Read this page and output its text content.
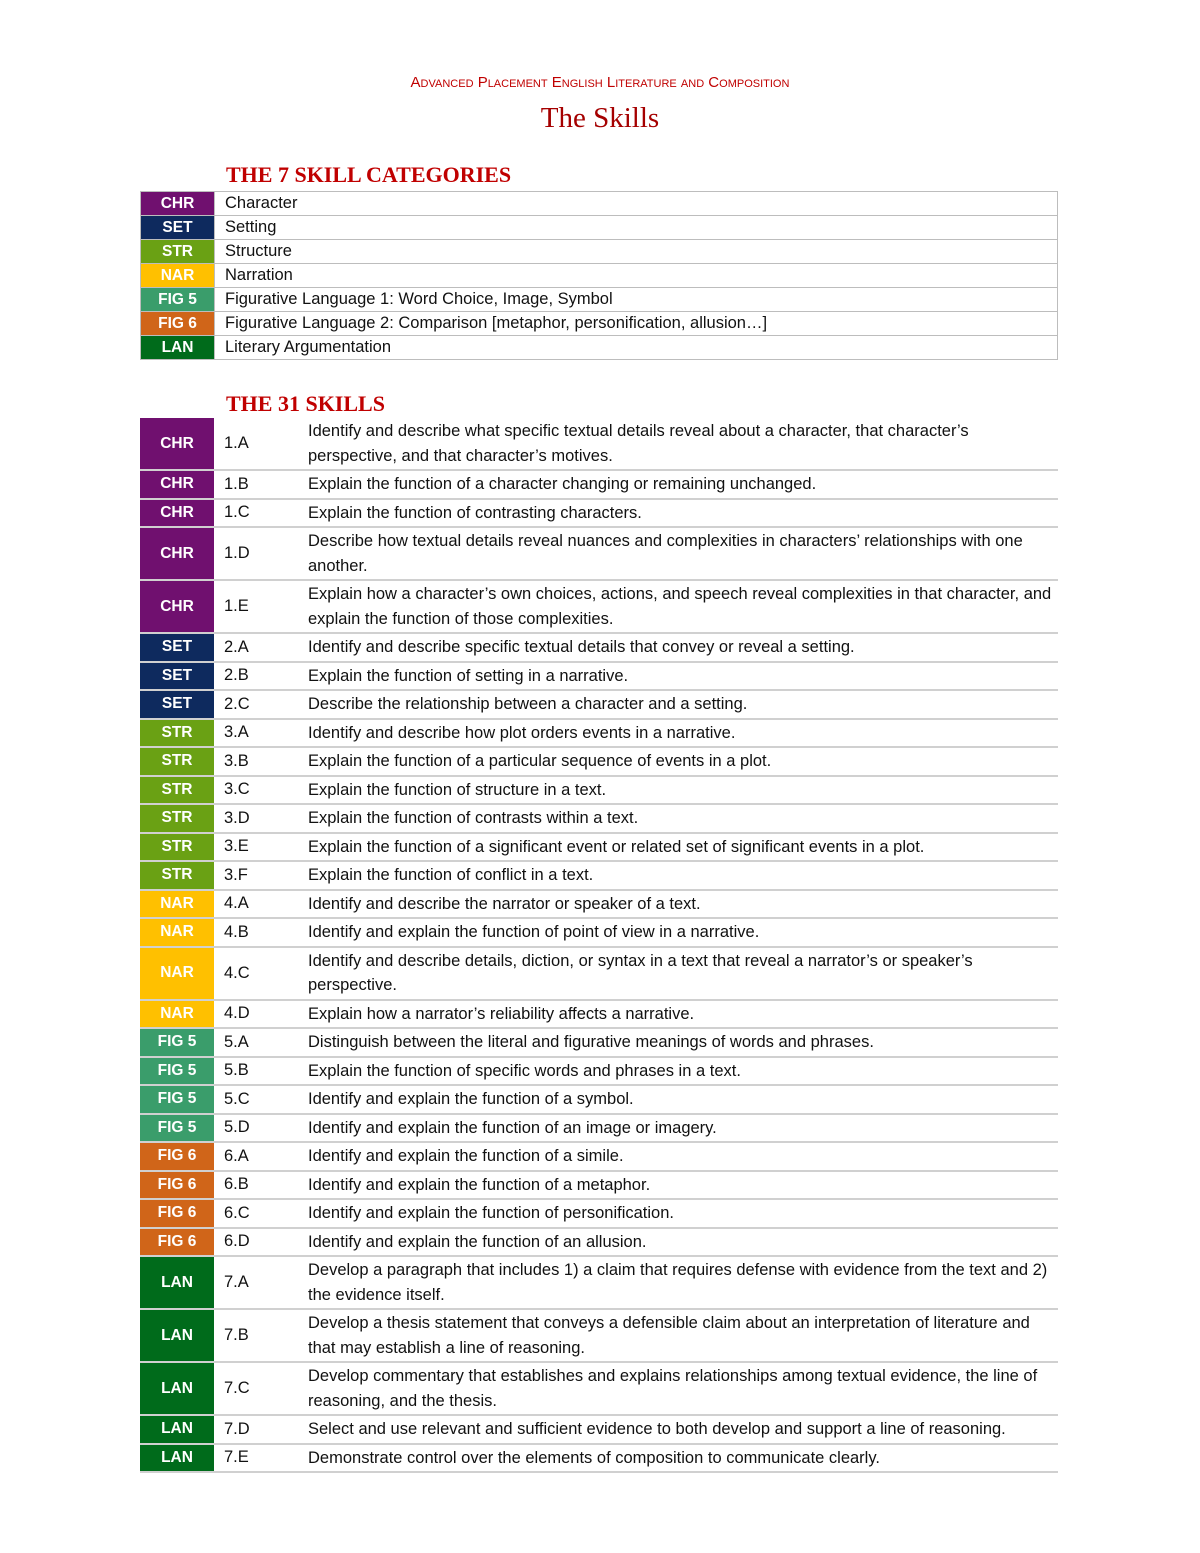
Advanced Placement English Literature and Composition
The Skills
THE 7 SKILL CATEGORIES
CHR	Character
SET	Setting
STR	Structure
NAR	Narration
FIG 5	Figurative Language 1: Word Choice, Image, Symbol
FIG 6	Figurative Language 2: Comparison [metaphor, personification, allusion…]
LAN	Literary Argumentation
THE 31 SKILLS
CHR	1.A	Identify and describe what specific textual details reveal about a character, that character’s perspective, and that character’s motives.
CHR	1.B	Explain the function of a character changing or remaining unchanged.
CHR	1.C	Explain the function of contrasting characters.
CHR	1.D	Describe how textual details reveal nuances and complexities in characters’ relationships with one another.
CHR	1.E	Explain how a character’s own choices, actions, and speech reveal complexities in that character, and explain the function of those complexities.
SET	2.A	Identify and describe specific textual details that convey or reveal a setting.
SET	2.B	Explain the function of setting in a narrative.
SET	2.C	Describe the relationship between a character and a setting.
STR	3.A	Identify and describe how plot orders events in a narrative.
STR	3.B	Explain the function of a particular sequence of events in a plot.
STR	3.C	Explain the function of structure in a text.
STR	3.D	Explain the function of contrasts within a text.
STR	3.E	Explain the function of a significant event or related set of significant events in a plot.
STR	3.F	Explain the function of conflict in a text.
NAR	4.A	Identify and describe the narrator or speaker of a text.
NAR	4.B	Identify and explain the function of point of view in a narrative.
NAR	4.C	Identify and describe details, diction, or syntax in a text that reveal a narrator’s or speaker’s perspective.
NAR	4.D	Explain how a narrator’s reliability affects a narrative.
FIG 5	5.A	Distinguish between the literal and figurative meanings of words and phrases.
FIG 5	5.B	Explain the function of specific words and phrases in a text.
FIG 5	5.C	Identify and explain the function of a symbol.
FIG 5	5.D	Identify and explain the function of an image or imagery.
FIG 6	6.A	Identify and explain the function of a simile.
FIG 6	6.B	Identify and explain the function of a metaphor.
FIG 6	6.C	Identify and explain the function of personification.
FIG 6	6.D	Identify and explain the function of an allusion.
LAN	7.A	Develop a paragraph that includes 1) a claim that requires defense with evidence from the text and 2) the evidence itself.
LAN	7.B	Develop a thesis statement that conveys a defensible claim about an interpretation of literature and that may establish a line of reasoning.
LAN	7.C	Develop commentary that establishes and explains relationships among textual evidence, the line of reasoning, and the thesis.
LAN	7.D	Select and use relevant and sufficient evidence to both develop and support a line of reasoning.
LAN	7.E	Demonstrate control over the elements of composition to communicate clearly.
